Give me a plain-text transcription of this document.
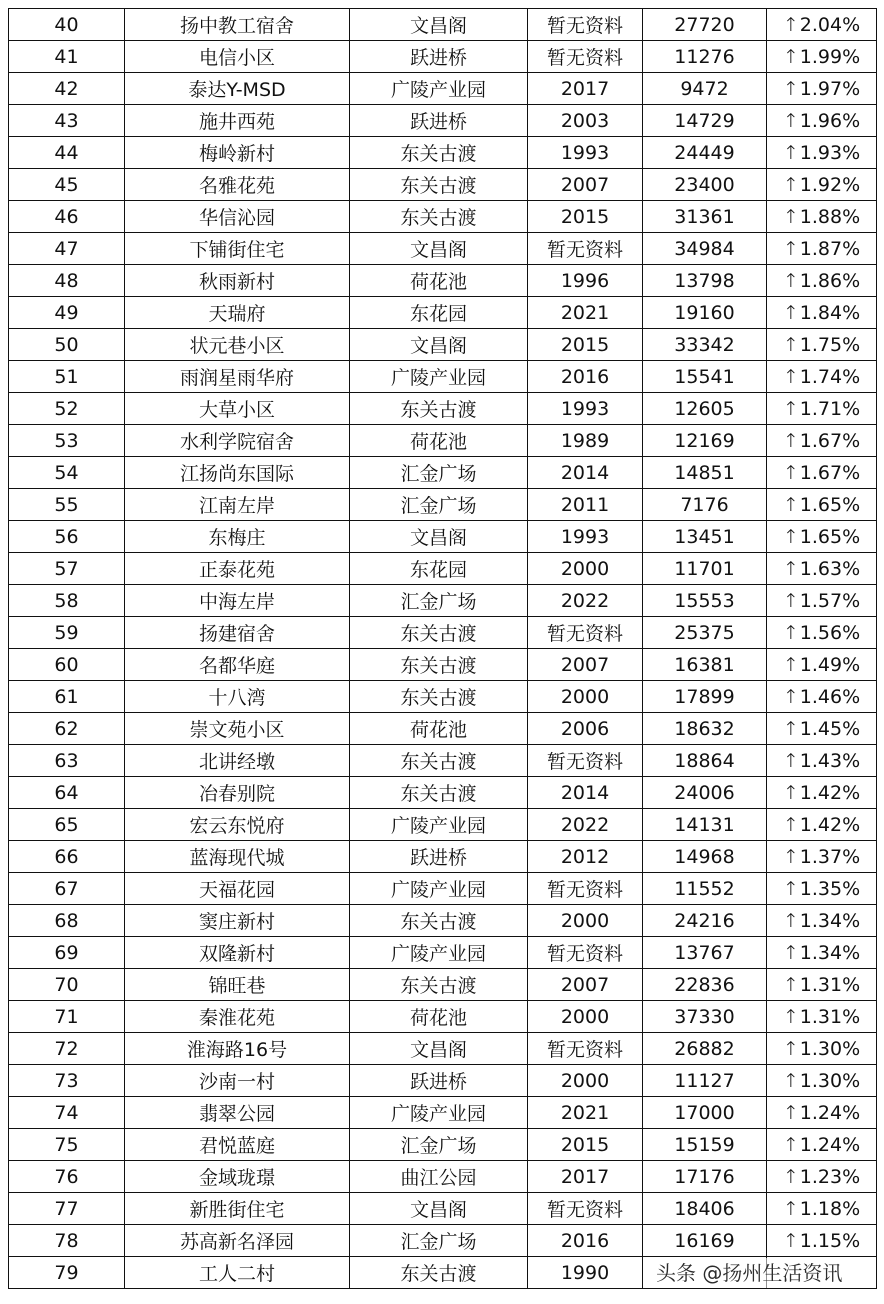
40	扬中教工宿舍	文昌阁	暂无资料	27720	↑2.04%
41	电信小区	跃进桥	暂无资料	11276	↑1.99%
42	泰达Y-MSD	广陵产业园	2017	9472	↑1.97%
43	施井西苑	跃进桥	2003	14729	↑1.96%
44	梅岭新村	东关古渡	1993	24449	↑1.93%
45	名雅花苑	东关古渡	2007	23400	↑1.92%
46	华信沁园	东关古渡	2015	31361	↑1.88%
47	下铺街住宅	文昌阁	暂无资料	34984	↑1.87%
48	秋雨新村	荷花池	1996	13798	↑1.86%
49	天瑞府	东花园	2021	19160	↑1.84%
50	状元巷小区	文昌阁	2015	33342	↑1.75%
51	雨润星雨华府	广陵产业园	2016	15541	↑1.74%
52	大草小区	东关古渡	1993	12605	↑1.71%
53	水利学院宿舍	荷花池	1989	12169	↑1.67%
54	江扬尚东国际	汇金广场	2014	14851	↑1.67%
55	江南左岸	汇金广场	2011	7176	↑1.65%
56	东梅庄	文昌阁	1993	13451	↑1.65%
57	正泰花苑	东花园	2000	11701	↑1.63%
58	中海左岸	汇金广场	2022	15553	↑1.57%
59	扬建宿舍	东关古渡	暂无资料	25375	↑1.56%
60	名都华庭	东关古渡	2007	16381	↑1.49%
61	十八湾	东关古渡	2000	17899	↑1.46%
62	崇文苑小区	荷花池	2006	18632	↑1.45%
63	北讲经墩	东关古渡	暂无资料	18864	↑1.43%
64	冶春别院	东关古渡	2014	24006	↑1.42%
65	宏云东悦府	广陵产业园	2022	14131	↑1.42%
66	蓝海现代城	跃进桥	2012	14968	↑1.37%
67	天福花园	广陵产业园	暂无资料	11552	↑1.35%
68	窦庄新村	东关古渡	2000	24216	↑1.34%
69	双隆新村	广陵产业园	暂无资料	13767	↑1.34%
70	锦旺巷	东关古渡	2007	22836	↑1.31%
71	秦淮花苑	荷花池	2000	37330	↑1.31%
72	淮海路16号	文昌阁	暂无资料	26882	↑1.30%
73	沙南一村	跃进桥	2000	11127	↑1.30%
74	翡翠公园	广陵产业园	2021	17000	↑1.24%
75	君悦蓝庭	汇金广场	2015	15159	↑1.24%
76	金域珑璟	曲江公园	2017	17176	↑1.23%
77	新胜街住宅	文昌阁	暂无资料	18406	↑1.18%
78	苏高新名泽园	汇金广场	2016	16169	↑1.15%
79	工人二村	东关古渡	1990		头条 @扬州生活资讯
